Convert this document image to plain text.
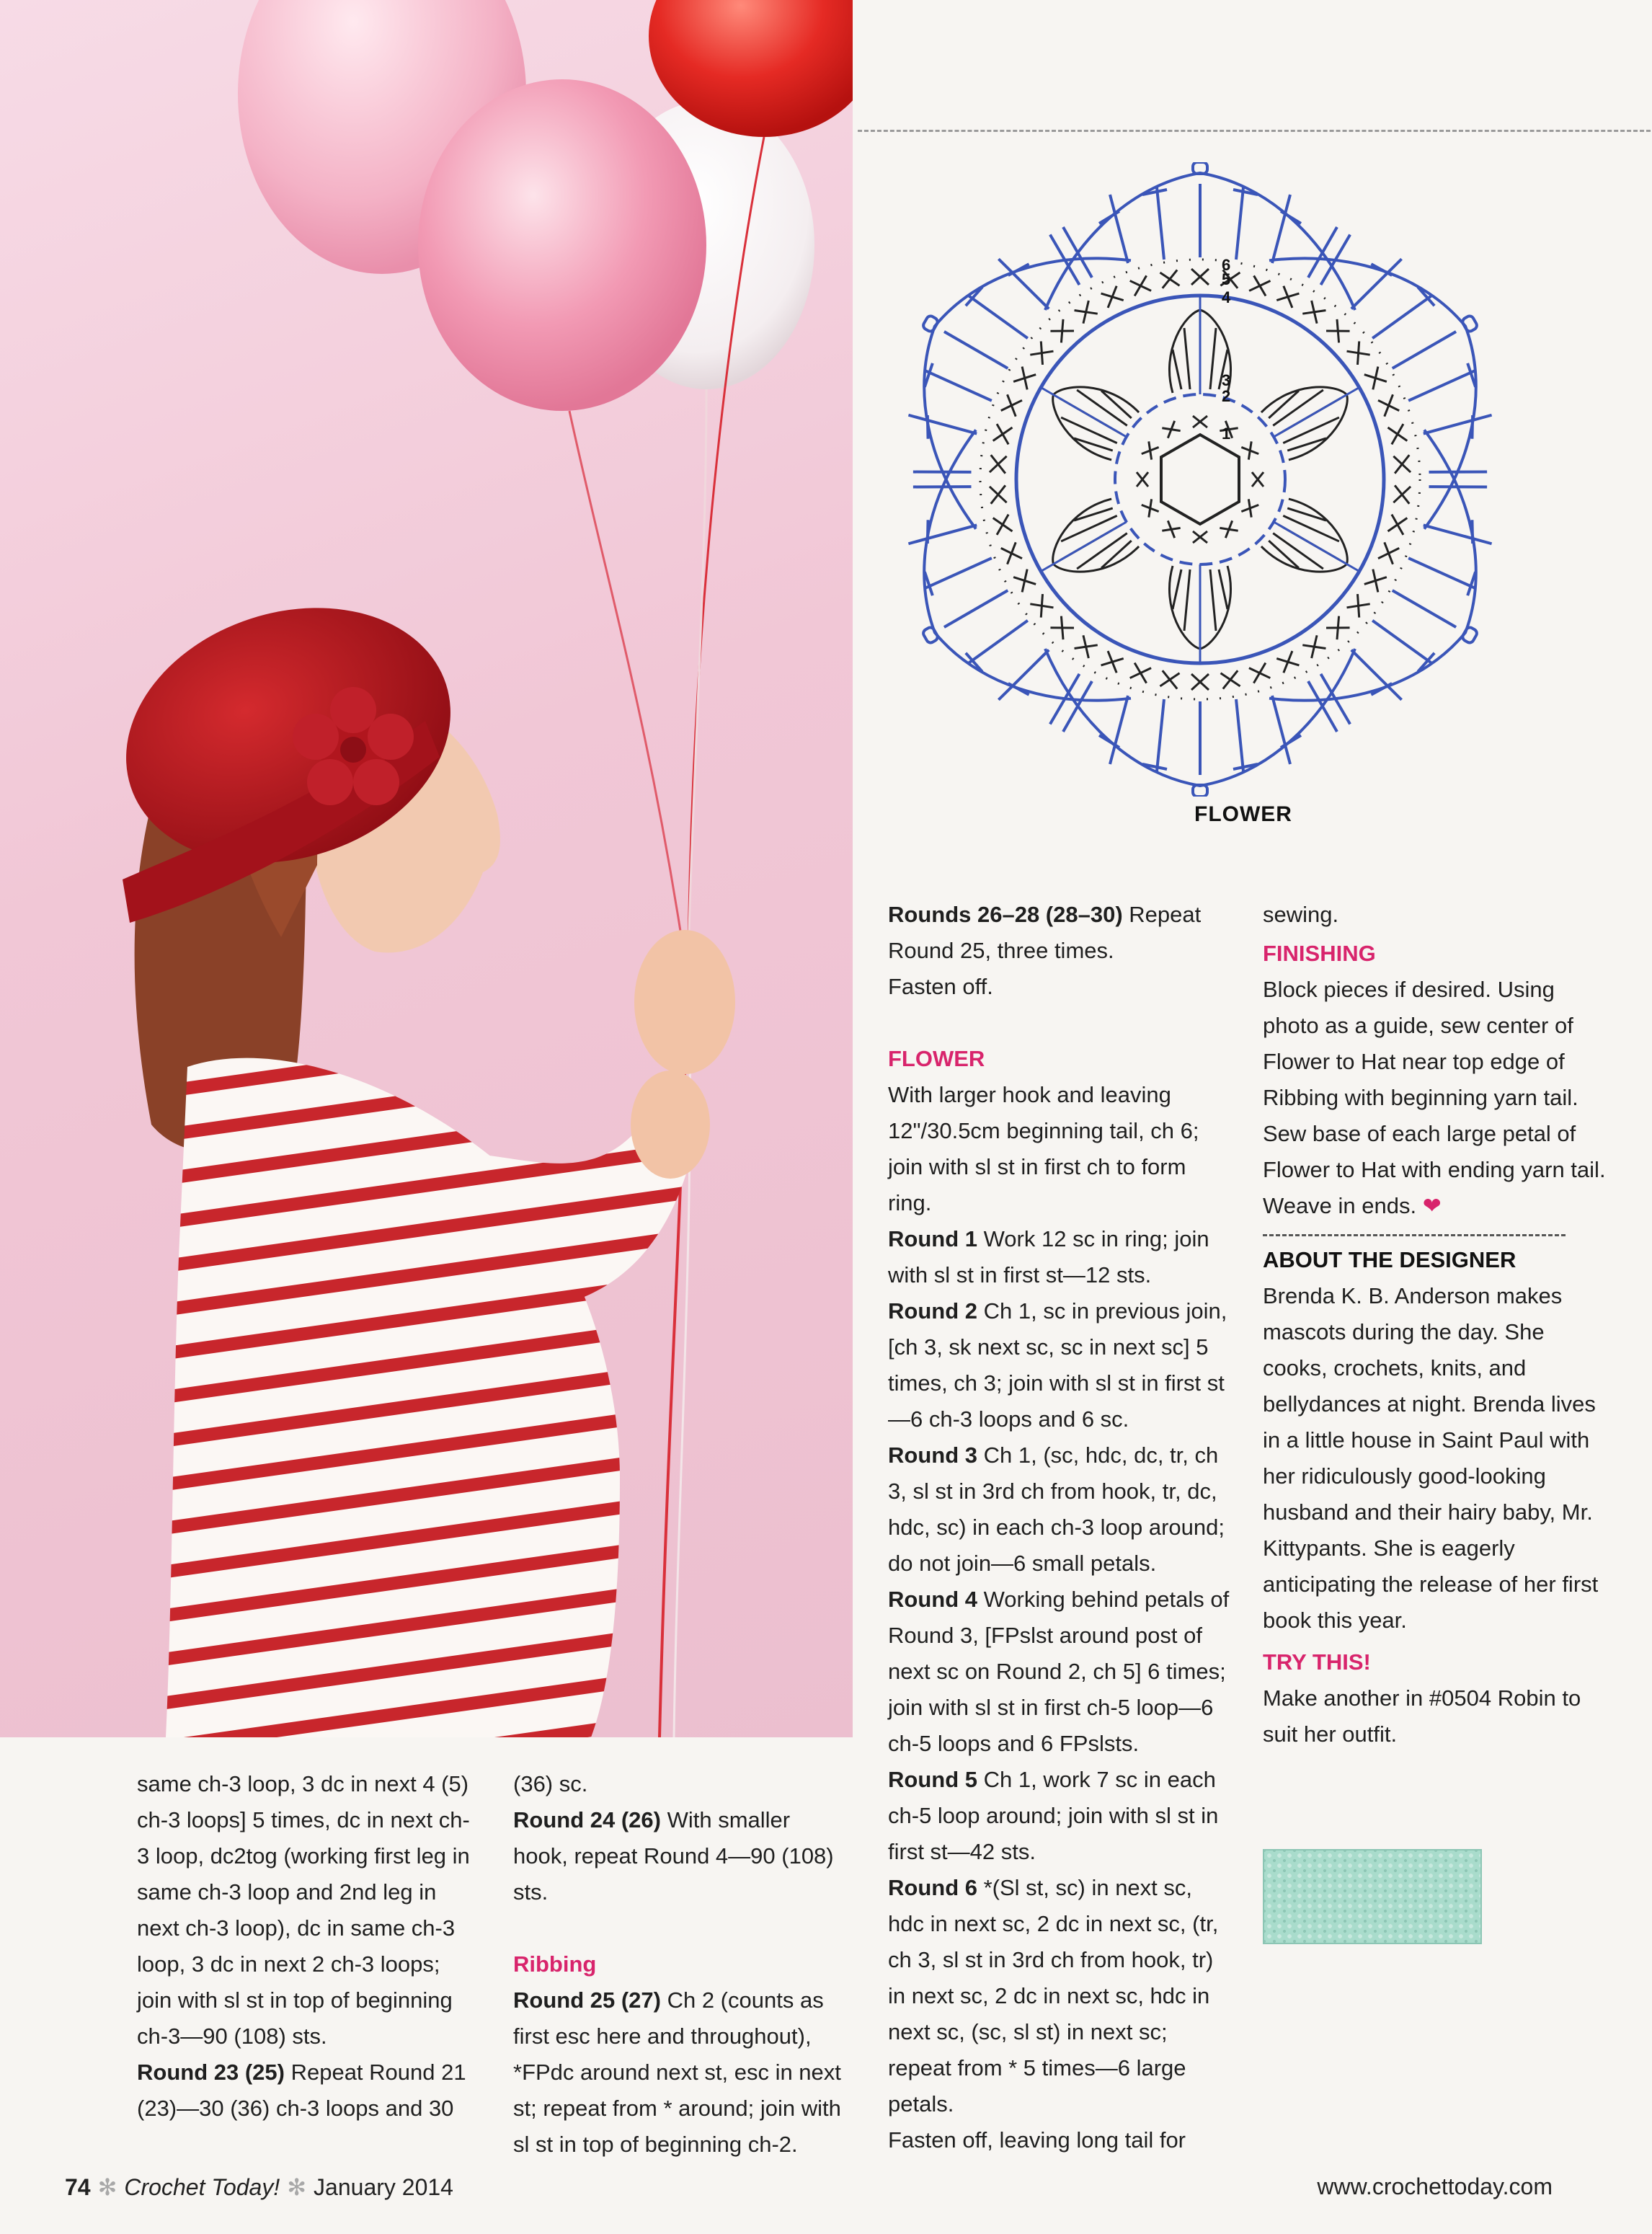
1
2
3
4
5
6
FLOWER

same ch-3 loop, 3 dc in next 4 (5) ch-3 loops] 5 times, dc in next ch-3 loop, dc2tog (working first leg in same ch-3 loop and 2nd leg in next ch-3 loop), dc in same ch-3 loop, 3 dc in next 2 ch-3 loops; join with sl st in top of beginning ch-3—90 (108) sts.

Round 23 (25) Repeat Round 21 (23)—30 (36) ch-3 loops and 30

(36) sc.

Round 24 (26) With smaller hook, repeat Round 4—90 (108) sts.

Ribbing

Round 25 (27) Ch 2 (counts as first esc here and throughout), *FPdc around next st, esc in next st; repeat from * around; join with sl st in top of beginning ch-2.

Rounds 26–28 (28–30) Repeat Round 25, three times.

Fasten off.

FLOWER

With larger hook and leaving 12"/30.5cm beginning tail, ch 6; join with sl st in first ch to form ring.

Round 1 Work 12 sc in ring; join with sl st in first st—12 sts.

Round 2 Ch 1, sc in previous join, [ch 3, sk next sc, sc in next sc] 5 times, ch 3; join with sl st in first st—6 ch-3 loops and 6 sc.

Round 3 Ch 1, (sc, hdc, dc, tr, ch 3, sl st in 3rd ch from hook, tr, dc, hdc, sc) in each ch-3 loop around; do not join—6 small petals.

Round 4 Working behind petals of Round 3, [FPslst around post of next sc on Round 2, ch 5] 6 times; join with sl st in first ch-5 loop—6 ch-5 loops and 6 FPslsts.

Round 5 Ch 1, work 7 sc in each ch-5 loop around; join with sl st in first st—42 sts.

Round 6 *(Sl st, sc) in next sc, hdc in next sc, 2 dc in next sc, (tr, ch 3, sl st in 3rd ch from hook, tr) in next sc, 2 dc in next sc, hdc in next sc, (sc, sl st) in next sc; repeat from * 5 times—6 large petals.

Fasten off, leaving long tail for

sewing.

FINISHING

Block pieces if desired. Using photo as a guide, sew center of Flower to Hat near top edge of Ribbing with beginning yarn tail. Sew base of each large petal of Flower to Hat with ending yarn tail. Weave in ends. ❤

ABOUT THE DESIGNER

Brenda K. B. Anderson makes mascots during the day. She cooks, crochets, knits, and bellydances at night. Brenda lives in a little house in Saint Paul with her ridiculously good-looking husband and their hairy baby, Mr. Kittypants. She is eagerly anticipating the release of her first book this year.

TRY THIS!

Make another in #0504 Robin to suit her outfit.

74 ✻ Crochet Today! ✻ January 2014	www.crochettoday.com
